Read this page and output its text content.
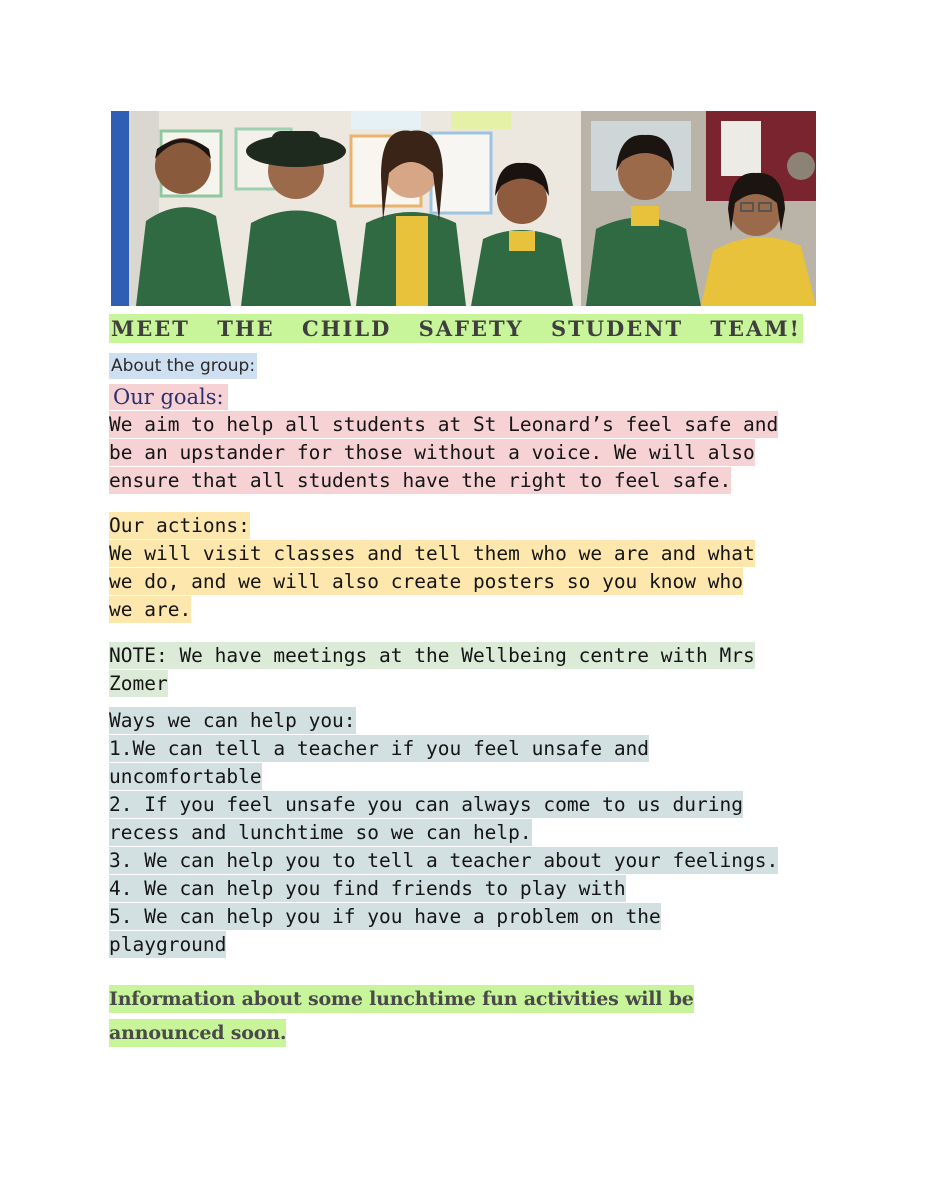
MEET THE CHILD SAFETY STUDENT TEAM!
About the group:
Our goals:
We aim to help all students at St Leonard’s feel safe and
be an upstander for those without a voice. We will also
ensure that all students have the right to feel safe.
Our actions:
We will visit classes and tell them who we are and what
we do, and we will also create posters so you know who
we are.
NOTE: We have meetings at the Wellbeing centre with Mrs
Zomer
Ways we can help you:
1.We can tell a teacher if you feel unsafe and
uncomfortable
2. If you feel unsafe you can always come to us during
recess and lunchtime so we can help.
3. We can help you to tell a teacher about your feelings.
4. We can help you find friends to play with
5. We can help you if you have a problem on the
playground
Information about some lunchtime fun activities will be
announced soon.
